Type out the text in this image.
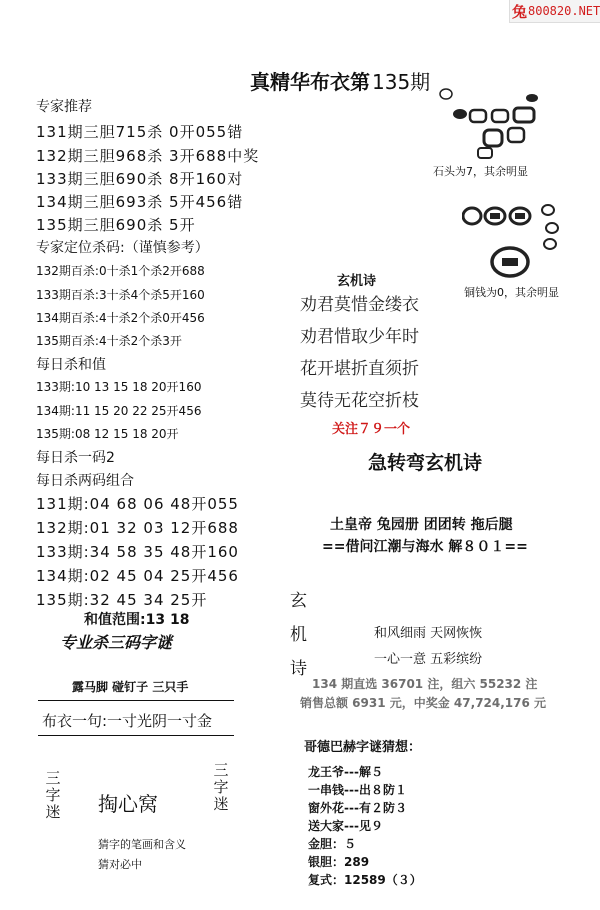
兔 800820.NET
真精华布衣第 135期
专家推荐
131期三胆715杀 0开055错
132期三胆968杀 3开688中奖
133期三胆690杀 8开160对
134期三胆693杀 5开456错
135期三胆690杀 5开
专家定位杀码:（谨慎参考）
132期百杀:0十杀1个杀2开688
133期百杀:3十杀4个杀5开160
134期百杀:4十杀2个杀0开456
135期百杀:4十杀2个杀3开
每日杀和值
133期:10 13 15 18 20开160
134期:11 15 20 22 25开456
135期:08 12 15 18 20开
每日杀一码2
每日杀两码组合
131期:04 68 06 48开055
132期:01 32 03 12开688
133期:34 58 35 48开160
134期:02 45 04 25开456
135期:32 45 34 25开
和值范围:13 18
专业杀三码字谜
露马脚 碰钉子 三只手
布衣一句:一寸光阴一寸金
三
字
迷 掏心窝
三
字
迷
猜字的笔画和含义
猜对必中
石头为7，其余明显
铜钱为0，其余明显
玄机诗
劝君莫惜金缕衣
劝君惜取少年时
花开堪折直须折
莫待无花空折枝
关注７９一个
急转弯玄机诗
土皇帝 兔园册 团团转 拖后腿
==借问江潮与海水 解８０１==
玄
机
诗
和风细雨 天网恢恢
一心一意 五彩缤纷
134 期直选 36701 注，组六 55232 注
销售总额 6931 元，中奖金 47,724,176 元
哥德巴赫字谜猜想：
龙王爷---解５
一串钱---出８防１
窗外花---有２防３
送大家---见９
金胆：５
银胆：289
复式：12589（３）
